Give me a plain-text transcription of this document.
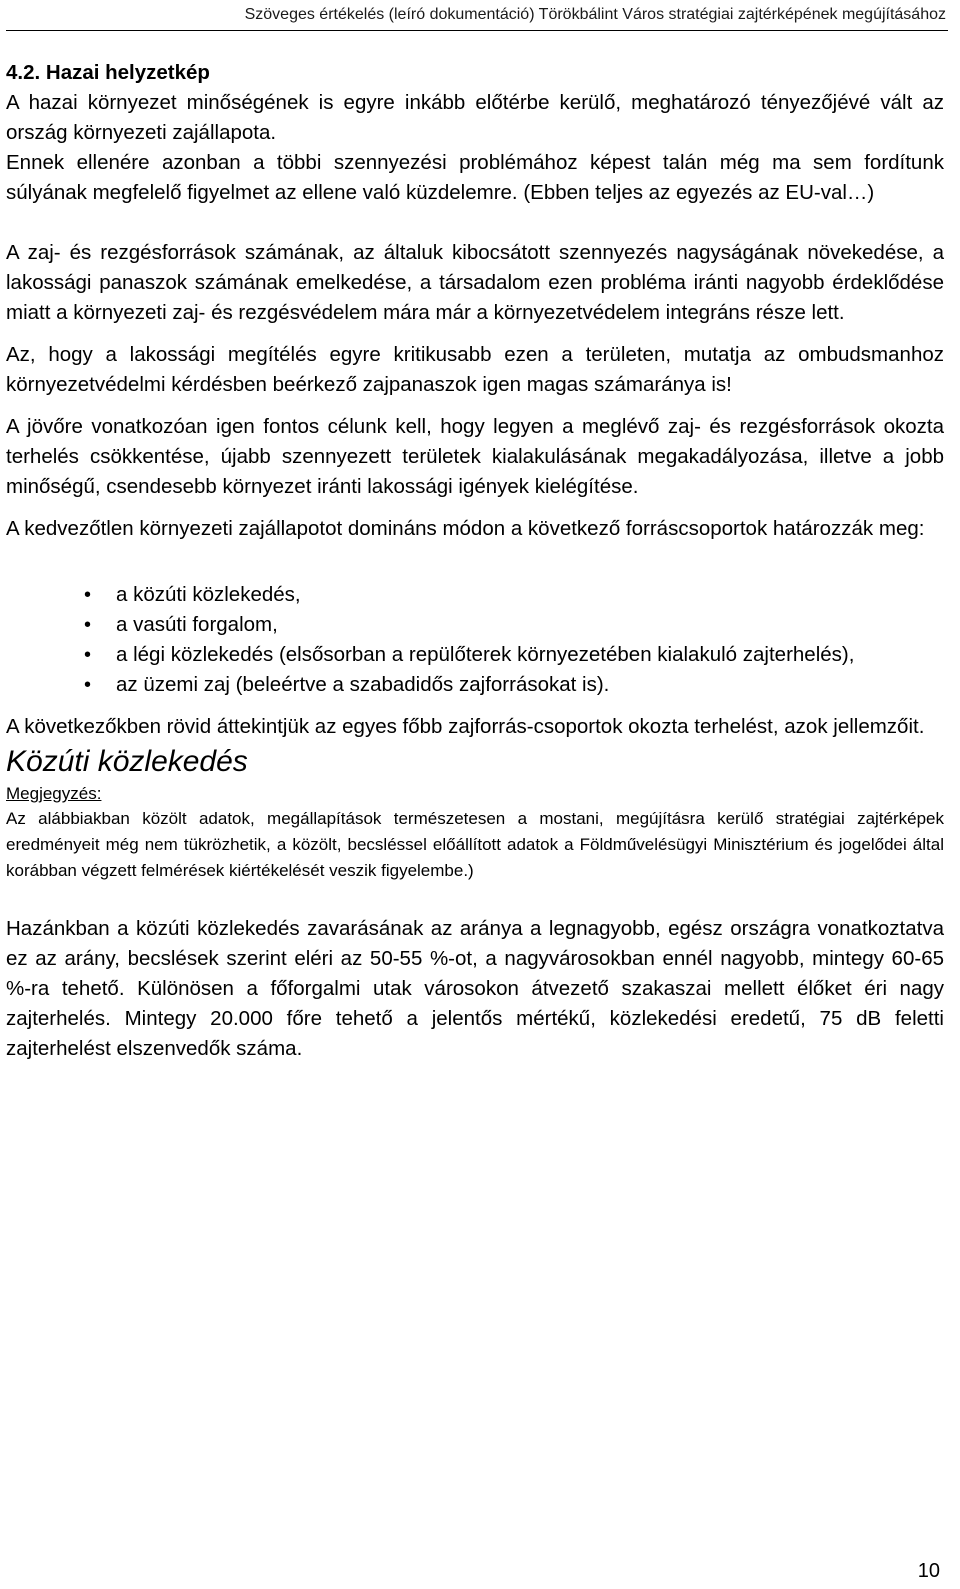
Szöveges értékelés (leíró dokumentáció) Törökbálint Város stratégiai zajtérképének megújításához

4.2. Hazai helyzetkép

A hazai környezet minőségének is egyre inkább előtérbe kerülő, meghatározó tényezőjévé vált az ország környezeti zajállapota.

Ennek ellenére azonban a többi szennyezési problémához képest talán még ma sem fordítunk súlyának megfelelő figyelmet az ellene való küzdelemre. (Ebben teljes az egyezés az EU-val…)

A zaj- és rezgésforrások számának, az általuk kibocsátott szennyezés nagyságának növekedése, a lakossági panaszok számának emelkedése, a társadalom ezen probléma iránti nagyobb érdeklődése miatt a környezeti zaj- és rezgésvédelem mára már a környezetvédelem integráns része lett.

Az, hogy a lakossági megítélés egyre kritikusabb ezen a területen, mutatja az ombudsmanhoz környezetvédelmi kérdésben beérkező zajpanaszok igen magas számaránya is!

A jövőre vonatkozóan igen fontos célunk kell, hogy legyen a meglévő zaj- és rezgésforrások okozta terhelés csökkentése, újabb szennyezett területek kialakulásának megakadályozása, illetve a jobb minőségű, csendesebb környezet iránti lakossági igények kielégítése.

A kedvezőtlen környezeti zajállapotot domináns módon a következő forráscsoportok határozzák meg:

• a közúti közlekedés,
• a vasúti forgalom,
• a légi közlekedés (elsősorban a repülőterek környezetében kialakuló zajterhelés),
• az üzemi zaj (beleértve a szabadidős zajforrásokat is).

A következőkben rövid áttekintjük az egyes főbb zajforrás-csoportok okozta terhelést, azok jellemzőit.

Közúti közlekedés

Megjegyzés:

Az alábbiakban közölt adatok, megállapítások természetesen a mostani, megújításra kerülő stratégiai zajtérképek eredményeit még nem tükrözhetik, a közölt, becsléssel előállított adatok a Földművelésügyi Minisztérium és jogelődei által korábban végzett felmérések kiértékelését veszik figyelembe.)

Hazánkban a közúti közlekedés zavarásának az aránya a legnagyobb, egész országra vonatkoztatva ez az arány, becslések szerint eléri az 50-55 %-ot, a nagyvárosokban ennél nagyobb, mintegy 60-65 %-ra tehető. Különösen a főforgalmi utak városokon átvezető szakaszai mellett élőket éri nagy zajterhelés. Mintegy 20.000 főre tehető a jelentős mértékű, közlekedési eredetű, 75 dB feletti zajterhelést elszenvedők száma.

10
